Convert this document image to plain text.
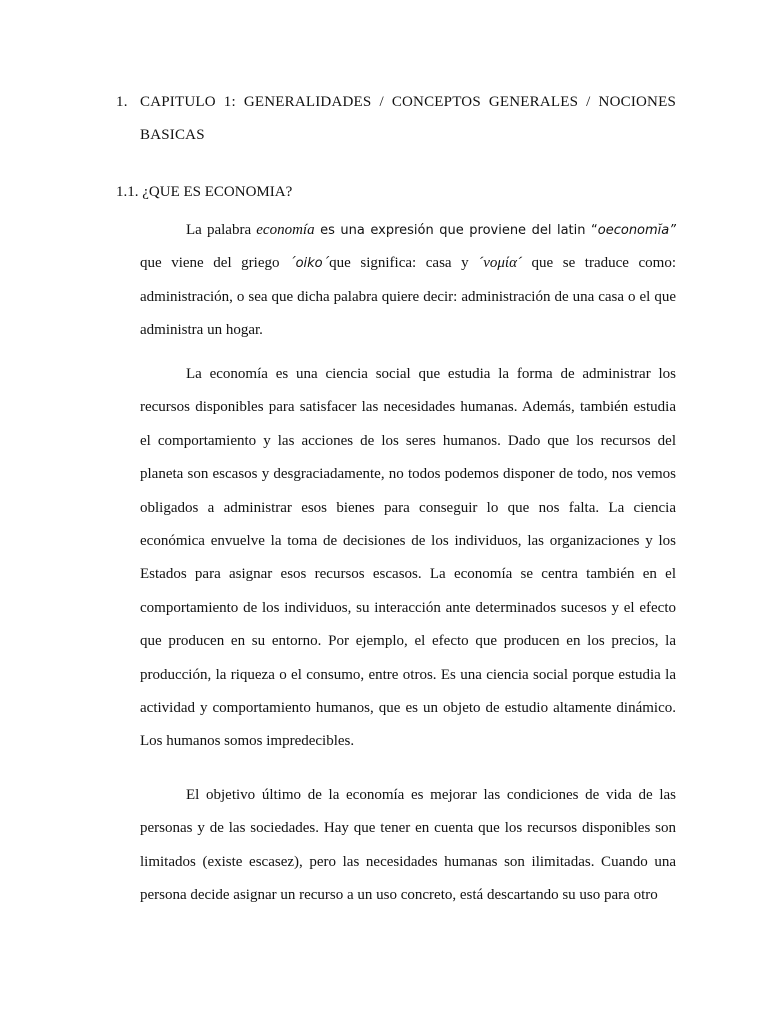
1. CAPITULO 1: GENERALIDADES / CONCEPTOS GENERALES / NOCIONES BASICAS
1.1. ¿QUE ES ECONOMIA?

La palabra economía es una expresión que proviene del latin “oeconomĭa” que viene del griego ´oiko´que significa: casa y ´νομία´ que se traduce como: administración, o sea que dicha palabra quiere decir: administración de una casa o el que administra un hogar.

La economía es una ciencia social que estudia la forma de administrar los recursos disponibles para satisfacer las necesidades humanas. Además, también estudia el comportamiento y las acciones de los seres humanos. Dado que los recursos del planeta son escasos y desgraciadamente, no todos podemos disponer de todo, nos vemos obligados a administrar esos bienes para conseguir lo que nos falta. La ciencia económica envuelve la toma de decisiones de los individuos, las organizaciones y los Estados para asignar esos recursos escasos. La economía se centra también en el comportamiento de los individuos, su interacción ante determinados sucesos y el efecto que producen en su entorno. Por ejemplo, el efecto que producen en los precios, la producción, la riqueza o el consumo, entre otros. Es una ciencia social porque estudia la actividad y comportamiento humanos, que es un objeto de estudio altamente dinámico. Los humanos somos impredecibles.

El objetivo último de la economía es mejorar las condiciones de vida de las personas y de las sociedades. Hay que tener en cuenta que los recursos disponibles son limitados (existe escasez), pero las necesidades humanas son ilimitadas. Cuando una persona decide asignar un recurso a un uso concreto, está descartando su uso para otro
